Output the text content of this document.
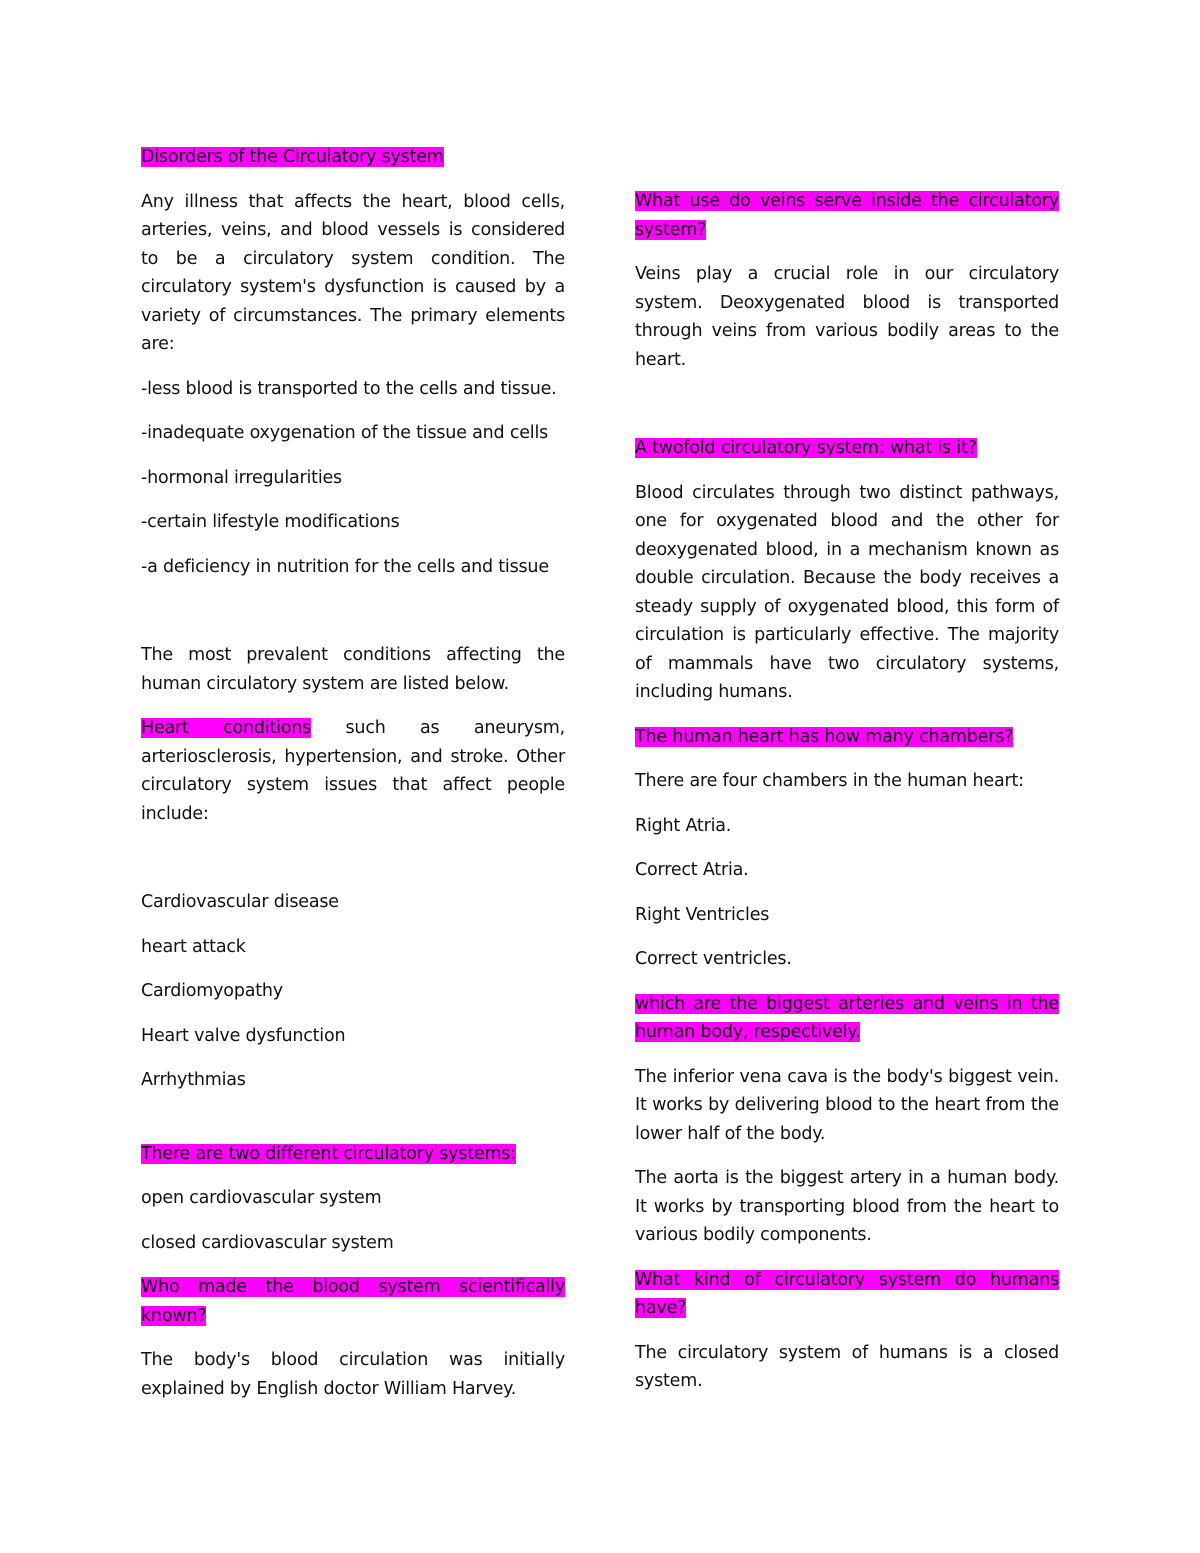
Disorders of the Circulatory system

Any illness that affects the heart, blood cells, arteries, veins, and blood vessels is considered to be a circulatory system condition. The circulatory system's dysfunction is caused by a variety of circumstances. The primary elements are:

-less blood is transported to the cells and tissue.

-inadequate oxygenation of the tissue and cells

-hormonal irregularities

-certain lifestyle modifications

-a deficiency in nutrition for the cells and tissue

The most prevalent conditions affecting the human circulatory system are listed below.

Heart conditions such as aneurysm, arteriosclerosis, hypertension, and stroke. Other circulatory system issues that affect people include:

Cardiovascular disease

heart attack

Cardiomyopathy

Heart valve dysfunction

Arrhythmias

There are two different circulatory systems:

open cardiovascular system

closed cardiovascular system

Who made the blood system scientifically known?

The body's blood circulation was initially explained by English doctor William Harvey.

What use do veins serve inside the circulatory system?

Veins play a crucial role in our circulatory system. Deoxygenated blood is transported through veins from various bodily areas to the heart.

A twofold circulatory system: what is it?

Blood circulates through two distinct pathways, one for oxygenated blood and the other for deoxygenated blood, in a mechanism known as double circulation. Because the body receives a steady supply of oxygenated blood, this form of circulation is particularly effective. The majority of mammals have two circulatory systems, including humans.

The human heart has how many chambers?

There are four chambers in the human heart:

Right Atria.

Correct Atria.

Right Ventricles

Correct ventricles.

which are the biggest arteries and veins in the human body, respectively.

The inferior vena cava is the body's biggest vein. It works by delivering blood to the heart from the lower half of the body.

The aorta is the biggest artery in a human body. It works by transporting blood from the heart to various bodily components.

What kind of circulatory system do humans have?

The circulatory system of humans is a closed system.
